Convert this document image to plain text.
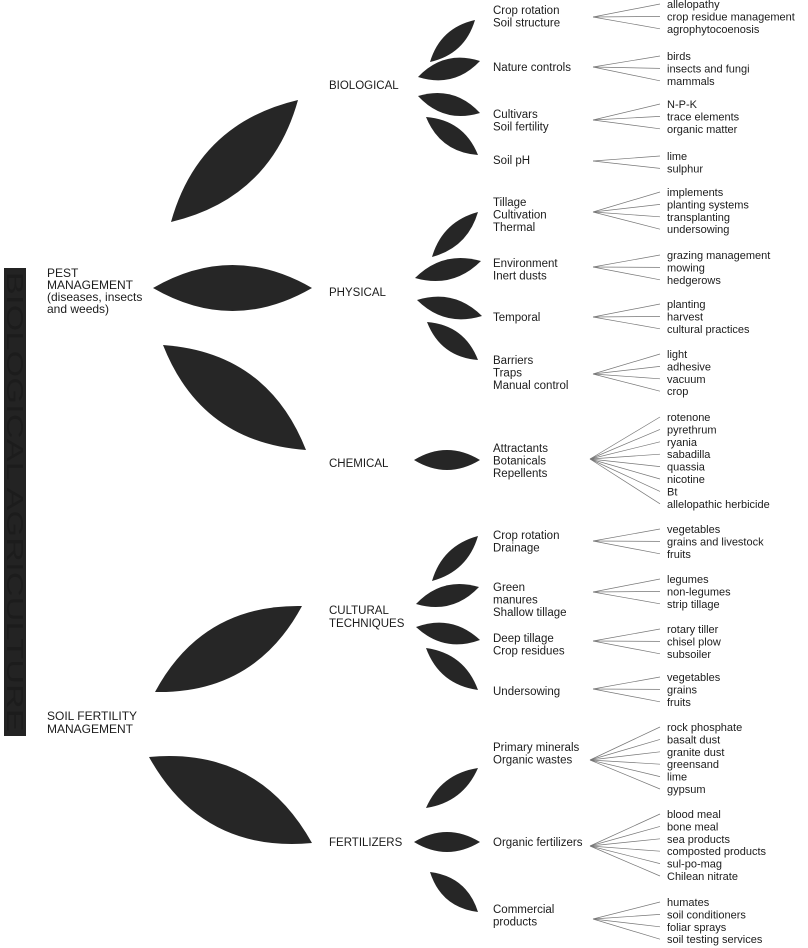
BIOLOGICAL AGRICULTURE PEST
MANAGEMENT
(diseases, insects
and weeds)
SOIL FERTILITY
MANAGEMENT
BIOLOGICAL
PHYSICAL
CHEMICAL
CULTURAL
TECHNIQUES
FERTILIZERS
Crop rotation
Soil structure
allelopathy
crop residue management
agrophytocoenosis
Nature controls
birds
insects and fungi
mammals
Cultivars
Soil fertility
N-P-K
trace elements
organic matter
Soil pH	lime
sulphur
Tillage
Cultivation
Thermal
implements
planting systems
transplanting
undersowing
Environment
Inert dusts
grazing management
mowing
hedgerows
Temporal
planting
harvest
cultural practices
Barriers
Traps
Manual control
light
adhesive
vacuum
crop
Attractants
Botanicals
Repellents
rotenone
pyrethrum
ryania
sabadilla
quassia
nicotine
Bt
allelopathic herbicide
Crop rotation
Drainage
vegetables
grains and livestock
fruits
Green
manures
Shallow tillage
legumes
non-legumes
strip tillage
Deep tillage
Crop residues
rotary tiller
chisel plow
subsoiler
Undersowing
vegetables
grains
fruits
Primary minerals
Organic wastes
rock phosphate
basalt dust
granite dust
greensand
lime
gypsum
Organic fertilizers
blood meal
bone meal
sea products
composted products
sul-po-mag
Chilean nitrate
Commercial
products
humates
soil conditioners
foliar sprays
soil testing services
